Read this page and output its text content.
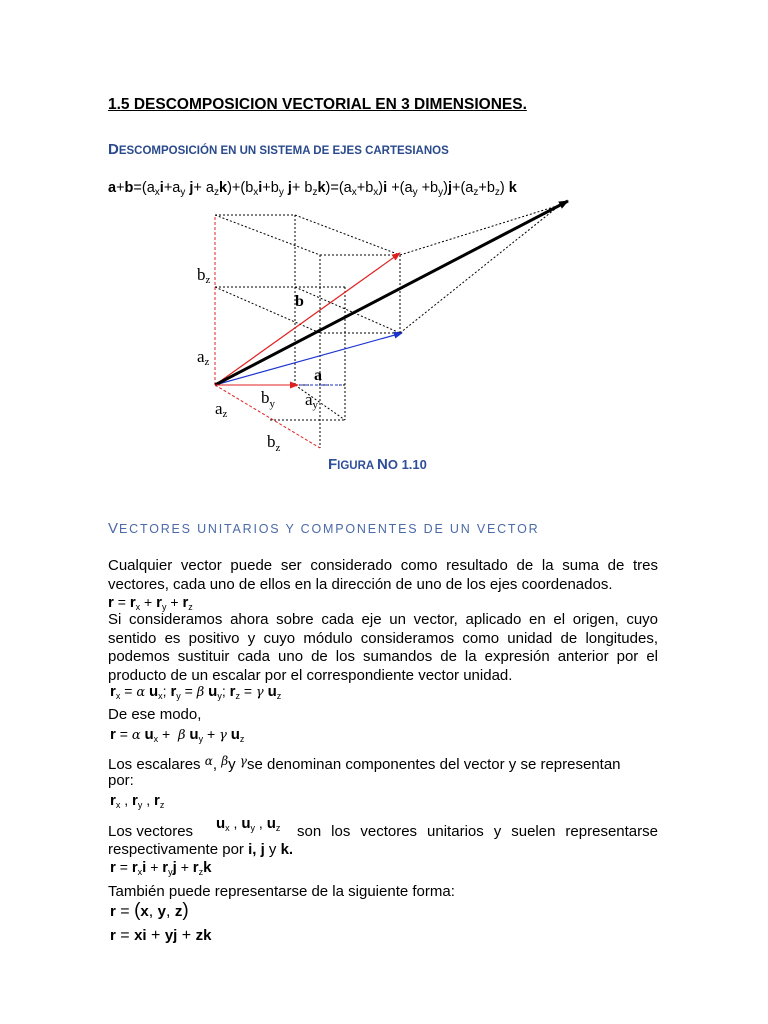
1.5 DESCOMPOSICION VECTORIAL EN 3 DIMENSIONES.
DESCOMPOSICIÓN EN UN SISTEMA DE EJES CARTESIANOS
$a+b=(a_xi+a_y$ $j+ a_zk)+(b_xi+b_y$ $j+ b_zk)=(a_x+b_x)i +(a_y +b_y)j+(a_z+b_z)$ k
bz
b
az
a
az
$b_y$ ay
$b_z$
FIGURA NO 1.10
VECTORES UNITARIOS Y COMPONENTES DE UN VECTOR
Cualquier vector puede ser considerado como resultado de la suma de tres vectores, cada uno de ellos en la dirección de uno de los ejes coordenados.
$r = r_x + r_y + r_z$
Si consideramos ahora sobre cada eje un vector, aplicado en el origen, cuyo sentido es positivo y cuyo módulo consideramos como unidad de longitudes, podemos sustituir cada uno de los sumandos de la expresión anterior por el producto de un escalar por el correspondiente vector unidad.
$r_x = \alpha$ $u_x$; $r_y = \beta$ $u_y$; $r_z = \gamma$ $u_z$
De ese modo,
r = α $u_x + \beta$ $u_y + \gamma$ $u_z$
Los escalares $^\alpha$, $^\beta$y $^\gamma$se denominan componentes del vector y se representan
por:
$r_x$ , $r_y$ , $r_z$
Los vectores $u_x$ , $u_y$ , $u_z$ son los vectores unitarios y suelen representarse
respectivamente por i, j y k.
$r = r_xi + r_yj + r_zk$
También puede representarse de la siguiente forma:
r = (x, y, z)
r = xi + yj + zk
